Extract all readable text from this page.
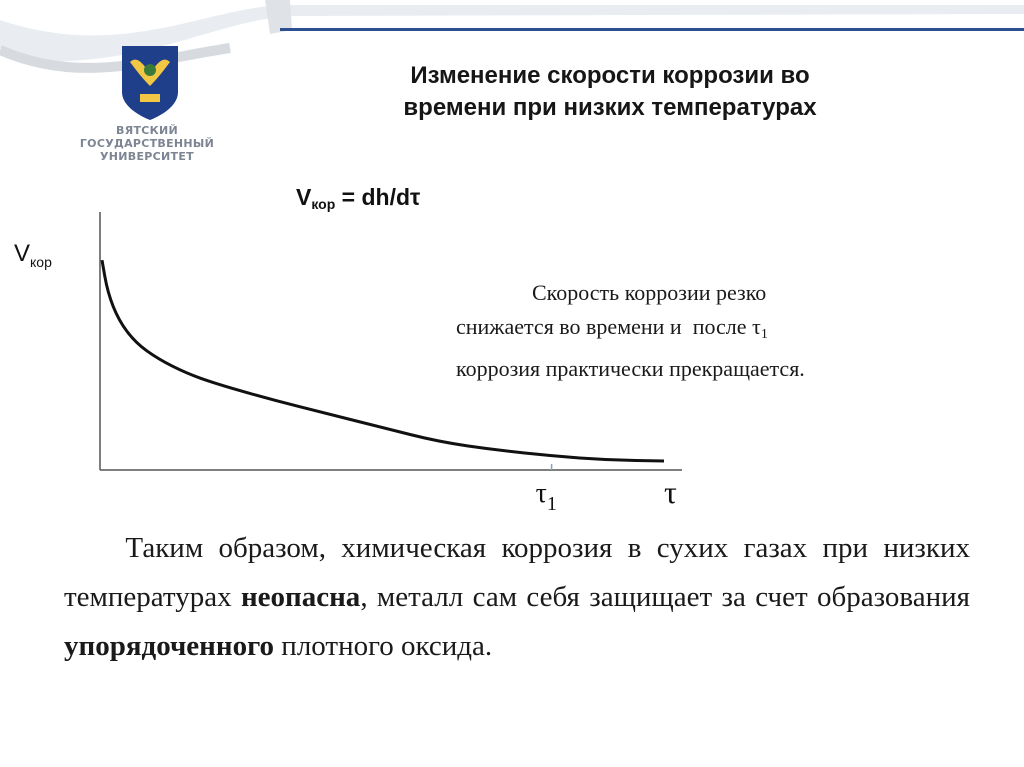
ВЯТСКИЙ
ГОСУДАРСТВЕННЫЙ
УНИВЕРСИТЕТ
Изменение скорости коррозии во
времени при низких температурах
$V_{кор} = dh/d\tau$
$V_{кор}$
$\tau_1$	τ
Скорость коррозии резко
снижается во времени и  после $\tau_1$
коррозия практически прекращается.
Таким образом, химическая коррозия в сухих газах при низких температурах неопасна, металл сам себя защищает за счет образования упорядоченного плотного оксида.
